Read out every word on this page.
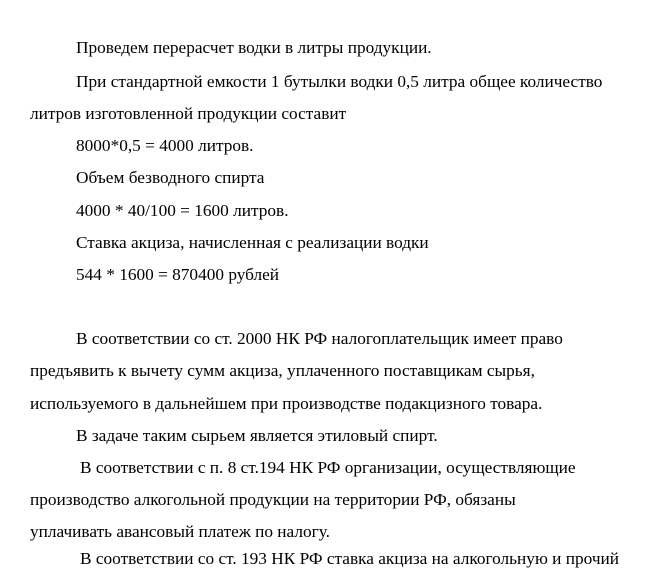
Проведем перерасчет водки в литры продукции.
При стандартной емкости 1 бутылки водки 0,5 литра общее количество
литров изготовленной продукции составит
8000*0,5 = 4000 литров.
Объем безводного спирта
4000 * 40/100 = 1600 литров.
Ставка акциза, начисленная с реализации водки
544 * 1600 = 870400 рублей
В соответствии со ст. 2000 НК РФ налогоплательщик имеет право
предъявить к вычету сумм акциза, уплаченного поставщикам сырья,
используемого в дальнейшем при производстве подакцизного товара.
В задаче таким сырьем является этиловый спирт.
В соответствии с п. 8 ст.194 НК РФ организации, осуществляющие
производство алкогольной продукции на территории РФ, обязаны
уплачивать авансовый платеж по налогу.
В соответствии со ст. 193 НК РФ ставка акциза на алкогольную и прочий
